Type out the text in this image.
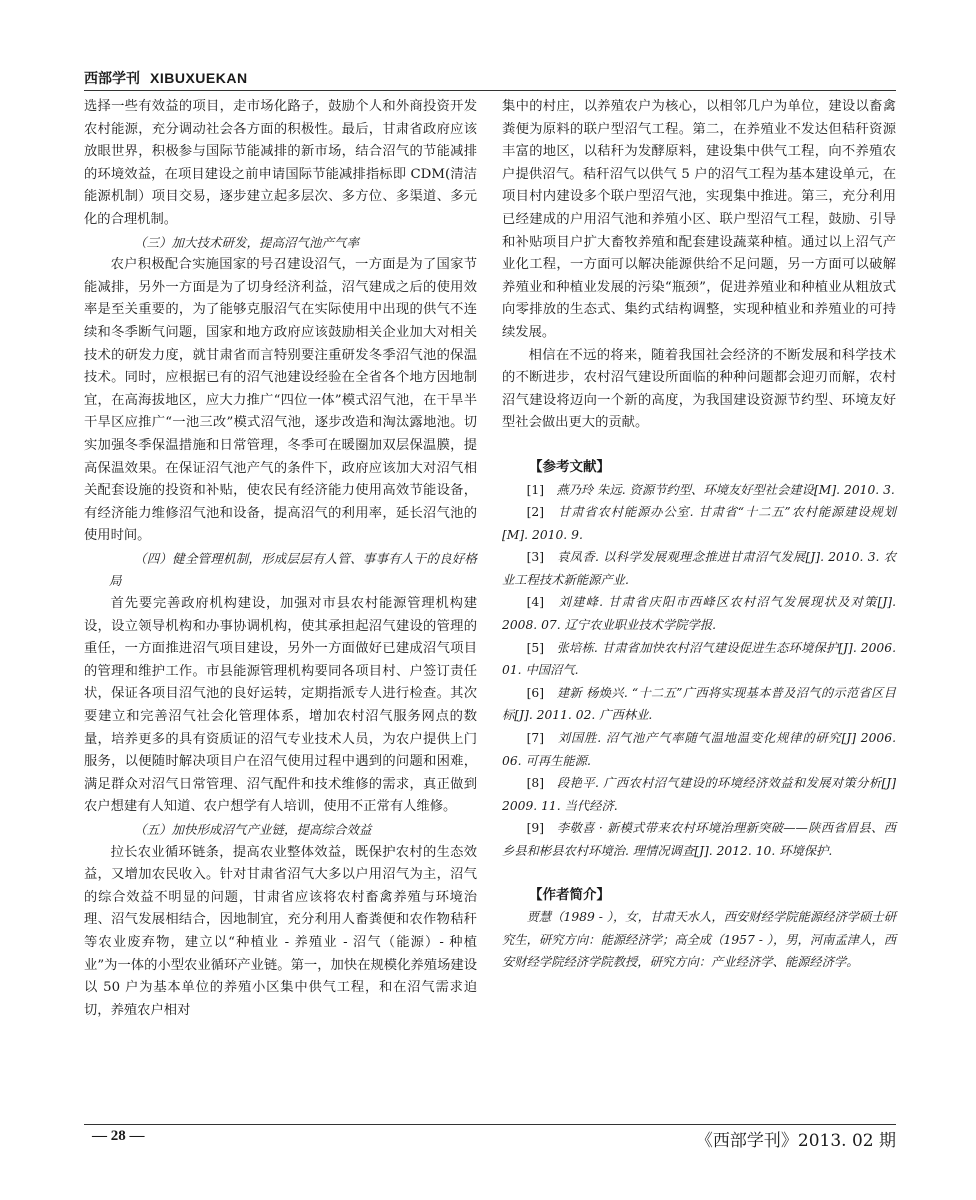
西部学刊 XIBUXUEKAN

选择一些有效益的项目，走市场化路子，鼓励个人和外商投资开发农村能源，充分调动社会各方面的积极性。最后，甘肃省政府应该放眼世界，积极参与国际节能减排的新市场，结合沼气的节能减排的环境效益，在项目建设之前申请国际节能减排指标即 CDM(清洁能源机制）项目交易，逐步建立起多层次、多方位、多渠道、多元化的合理机制。

（三）加大技术研发，提高沼气池产气率

农户积极配合实施国家的号召建设沼气，一方面是为了国家节能减排，另外一方面是为了切身经济利益，沼气建成之后的使用效率是至关重要的，为了能够克服沼气在实际使用中出现的供气不连续和冬季断气问题，国家和地方政府应该鼓励相关企业加大对相关技术的研发力度，就甘肃省而言特别要注重研发冬季沼气池的保温技术。同时，应根据已有的沼气池建设经验在全省各个地方因地制宜，在高海拔地区，应大力推广“四位一体”模式沼气池，在干旱半干旱区应推广“一池三改”模式沼气池，逐步改造和淘汰露地池。切实加强冬季保温措施和日常管理，冬季可在暖圈加双层保温膜，提高保温效果。在保证沼气池产气的条件下，政府应该加大对沼气相关配套设施的投资和补贴，使农民有经济能力使用高效节能设备，有经济能力维修沼气池和设备，提高沼气的利用率，延长沼气池的使用时间。

（四）健全管理机制，形成层层有人管、事事有人干的良好格局

首先要完善政府机构建设，加强对市县农村能源管理机构建设，设立领导机构和办事协调机构，使其承担起沼气建设的管理的重任，一方面推进沼气项目建设，另外一方面做好已建成沼气项目的管理和维护工作。市县能源管理机构要同各项目村、户签订责任状，保证各项目沼气池的良好运转，定期指派专人进行检查。其次要建立和完善沼气社会化管理体系，增加农村沼气服务网点的数量，培养更多的具有资质证的沼气专业技术人员，为农户提供上门服务，以便随时解决项目户在沼气使用过程中遇到的问题和困难，满足群众对沼气日常管理、沼气配件和技术维修的需求，真正做到农户想建有人知道、农户想学有人培训，使用不正常有人维修。

（五）加快形成沼气产业链，提高综合效益

拉长农业循环链条，提高农业整体效益，既保护农村的生态效益，又增加农民收入。针对甘肃省沼气大多以户用沼气为主，沼气的综合效益不明显的问题，甘肃省应该将农村畜禽养殖与环境治理、沼气发展相结合，因地制宜，充分利用人畜粪便和农作物秸秆等农业废弃物，建立以“种植业 - 养殖业 - 沼气（能源）- 种植业”为一体的小型农业循环产业链。第一，加快在规模化养殖场建设以 50 户为基本单位的养殖小区集中供气工程，和在沼气需求迫切，养殖农户相对

集中的村庄，以养殖农户为核心，以相邻几户为单位，建设以畜禽粪便为原料的联户型沼气工程。第二，在养殖业不发达但秸秆资源丰富的地区，以秸秆为发酵原料，建设集中供气工程，向不养殖农户提供沼气。秸秆沼气以供气 5 户的沼气工程为基本建设单元，在项目村内建设多个联户型沼气池，实现集中推进。第三，充分利用已经建成的户用沼气池和养殖小区、联户型沼气工程，鼓励、引导和补贴项目户扩大畜牧养殖和配套建设蔬菜种植。通过以上沼气产业化工程，一方面可以解决能源供给不足问题，另一方面可以破解养殖业和种植业发展的污染“瓶颈”，促进养殖业和种植业从粗放式向零排放的生态式、集约式结构调整，实现种植业和养殖业的可持续发展。

相信在不远的将来，随着我国社会经济的不断发展和科学技术的不断进步，农村沼气建设所面临的种种问题都会迎刃而解，农村沼气建设将迈向一个新的高度，为我国建设资源节约型、环境友好型社会做出更大的贡献。

【参考文献】

[1]　 燕乃玲 朱远. 资源节约型、环境友好型社会建设[M]. 2010. 3.

[2]　 甘肃省农村能源办公室. 甘肃省“十二五”农村能源建设规划[M]. 2010. 9.

[3]　 袁凤香. 以科学发展观理念推进甘肃沼气发展[J]. 2010. 3. 农业工程技术新能源产业.

[4]　 刘建峰. 甘肃省庆阳市西峰区农村沼气发展现状及对策[J]. 2008. 07. 辽宁农业职业技术学院学报.

[5]　 张培栋. 甘肃省加快农村沼气建设促进生态环境保护[J]. 2006. 01. 中国沼气.

[6]　 建新 杨焕兴. “十二五”广西将实现基本普及沼气的示范省区目标[J]. 2011. 02. 广西林业.

[7]　 刘国胜. 沼气池产气率随气温地温变化规律的研究[J] 2006. 06. 可再生能源.

[8]　 段艳平. 广西农村沼气建设的环境经济效益和发展对策分析[J] 2009. 11. 当代经济.

[9]　 李敬喜 · 新模式带来农村环境治理新突破——陕西省眉县、西乡县和彬县农村环境治. 理情况调查[J]. 2012. 10. 环境保护.

【作者简介】

贾慧（1989 - ），女，甘肃天水人，西安财经学院能源经济学硕士研究生，研究方向：能源经济学；高全成（1957 - ），男，河南孟津人，西安财经学院经济学院教授，研究方向：产业经济学、能源经济学。

— 28 —	《西部学刊》2013. 02 期
